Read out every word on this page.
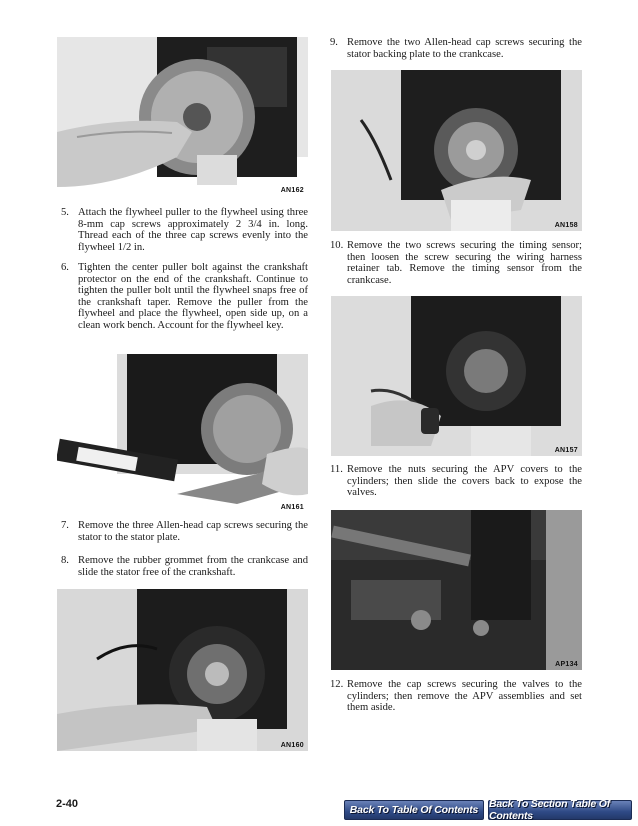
AN162
5. Attach the flywheel puller to the flywheel using three 8-mm cap screws approximately 2 3/4 in. long. Thread each of the three cap screws evenly into the flywheel 1/2 in.
6. Tighten the center puller bolt against the crankshaft protector on the end of the crankshaft. Continue to tighten the puller bolt until the flywheel snaps free of the crankshaft taper. Remove the puller from the flywheel and place the flywheel, open side up, on a clean work bench. Account for the flywheel key.
AN161
7. Remove the three Allen-head cap screws securing the stator to the stator plate.
8. Remove the rubber grommet from the crankcase and slide the stator free of the crankshaft.
AN160
9. Remove the two Allen-head cap screws securing the stator backing plate to the crankcase.
AN158
10. Remove the two screws securing the timing sensor; then loosen the screw securing the wiring harness retainer tab. Remove the timing sensor from the crankcase.
AN157
11. Remove the nuts securing the APV covers to the cylinders; then slide the covers back to expose the valves.
AP134
12. Remove the cap screws securing the valves to the cylinders; then remove the APV assemblies and set them aside.
2-40	Back To Table Of Contents	Back To Section Table Of Contents
